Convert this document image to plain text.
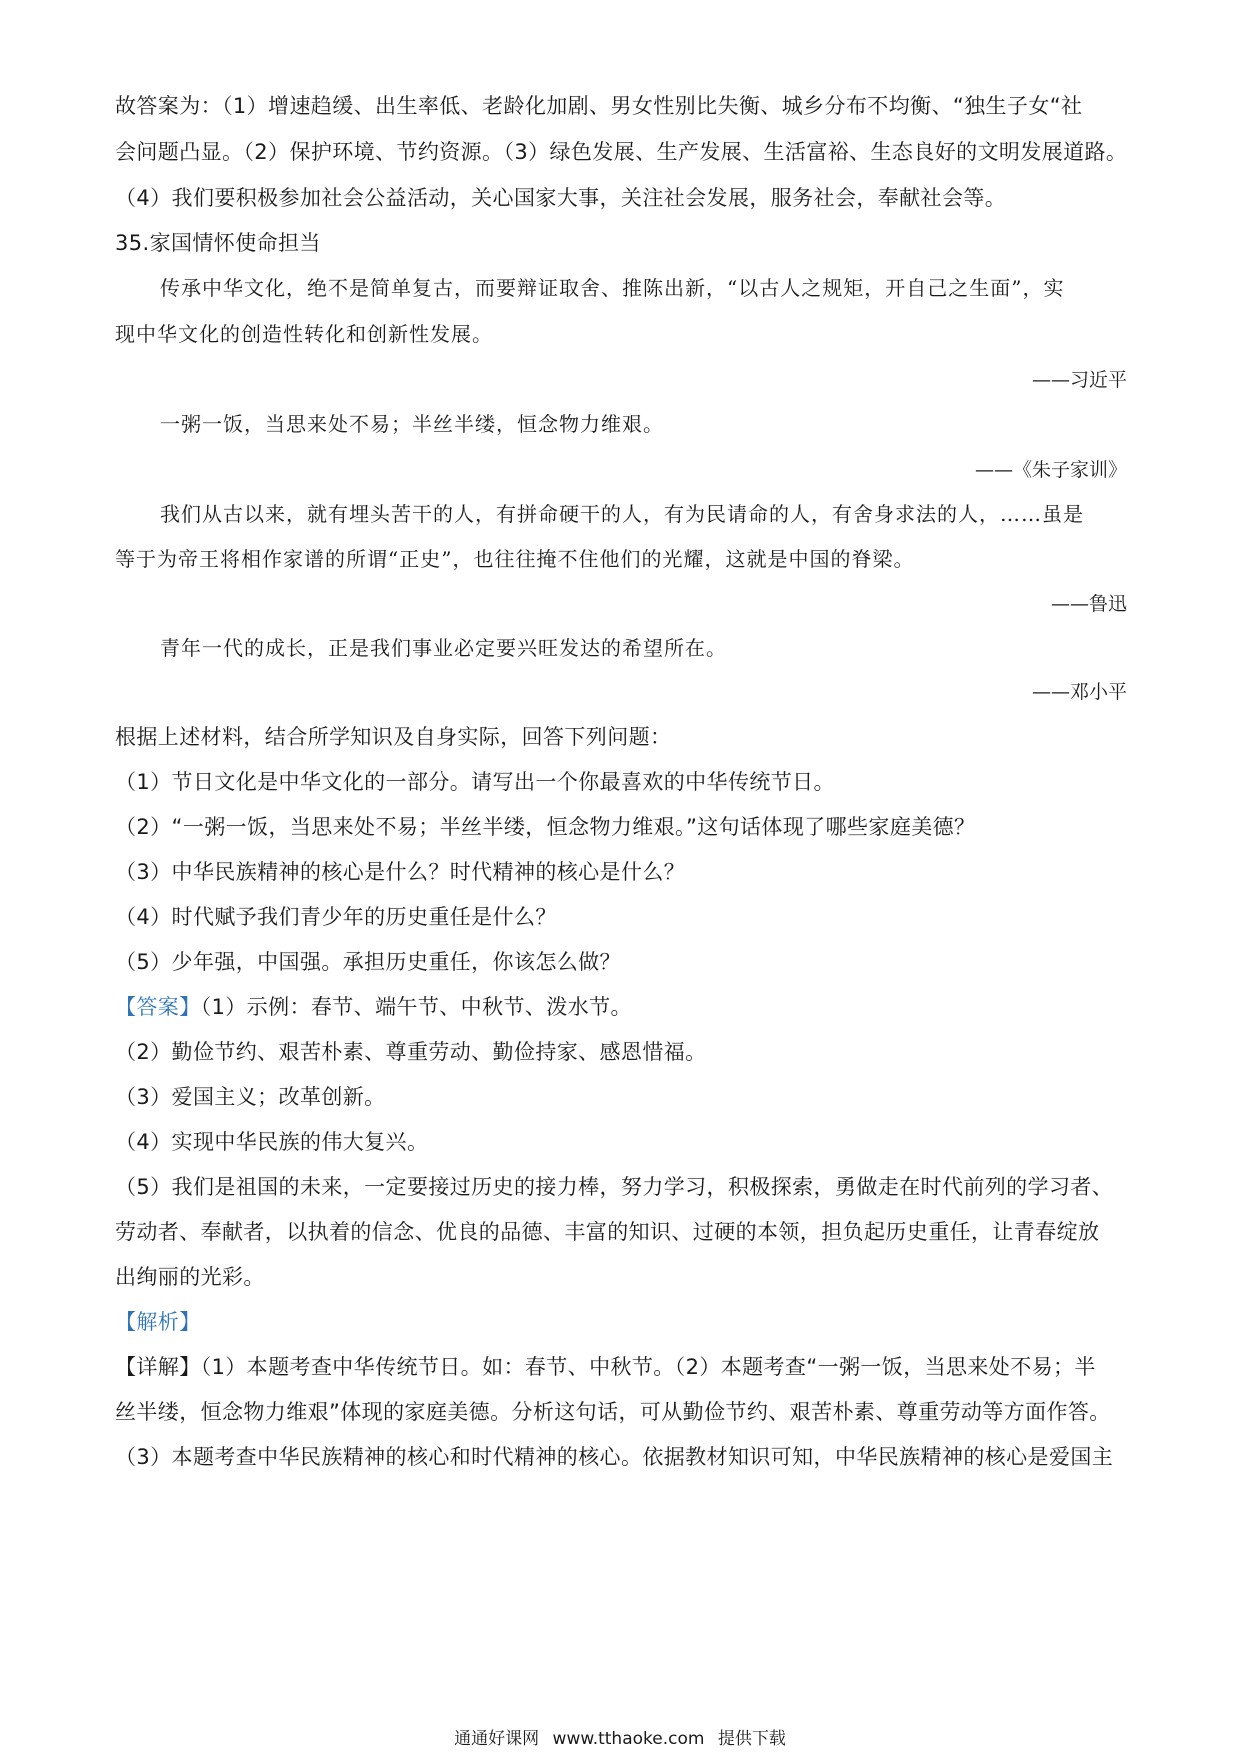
故答案为：（1）增速趋缓、出生率低、老龄化加剧、男女性别比失衡、城乡分布不均衡、“独生子女“社
会问题凸显。（2）保护环境、节约资源。（3）绿色发展、生产发展、生活富裕、生态良好的文明发展道路。
（4）我们要积极参加社会公益活动，关心国家大事，关注社会发展，服务社会，奉献社会等。
35.家国情怀使命担当
传承中华文化，绝不是简单复古，而要辩证取舍、推陈出新，“以古人之规矩，开自己之生面”，实
现中华文化的创造性转化和创新性发展。
——习近平
一粥一饭，当思来处不易；半丝半缕，恒念物力维艰。
——《朱子家训》
我们从古以来，就有埋头苦干的人，有拼命硬干的人，有为民请命的人，有舍身求法的人，……虽是
等于为帝王将相作家谱的所谓“正史”，也往往掩不住他们的光耀，这就是中国的脊梁。
——鲁迅
青年一代的成长，正是我们事业必定要兴旺发达的希望所在。
——邓小平
根据上述材料，结合所学知识及自身实际，回答下列问题：
（1）节日文化是中华文化的一部分。请写出一个你最喜欢的中华传统节日。
（2）“一粥一饭，当思来处不易；半丝半缕，恒念物力维艰。”这句话体现了哪些家庭美德？
（3）中华民族精神的核心是什么？时代精神的核心是什么？
（4）时代赋予我们青少年的历史重任是什么？
（5）少年强，中国强。承担历史重任，你该怎么做？
【答案】（1）示例：春节、端午节、中秋节、泼水节。
（2）勤俭节约、艰苦朴素、尊重劳动、勤俭持家、感恩惜福。
（3）爱国主义；改革创新。
（4）实现中华民族的伟大复兴。
（5）我们是祖国的未来，一定要接过历史的接力棒，努力学习，积极探索，勇做走在时代前列的学习者、
劳动者、奉献者，以执着的信念、优良的品德、丰富的知识、过硬的本领，担负起历史重任，让青春绽放
出绚丽的光彩。
【解析】
【详解】（1）本题考查中华传统节日。如：春节、中秋节。（2）本题考查“一粥一饭，当思来处不易；半
丝半缕，恒念物力维艰”体现的家庭美德。分析这句话，可从勤俭节约、艰苦朴素、尊重劳动等方面作答。
（3）本题考查中华民族精神的核心和时代精神的核心。依据教材知识可知，中华民族精神的核心是爱国主
通通好课网 www.tthaoke.com 提供下载
